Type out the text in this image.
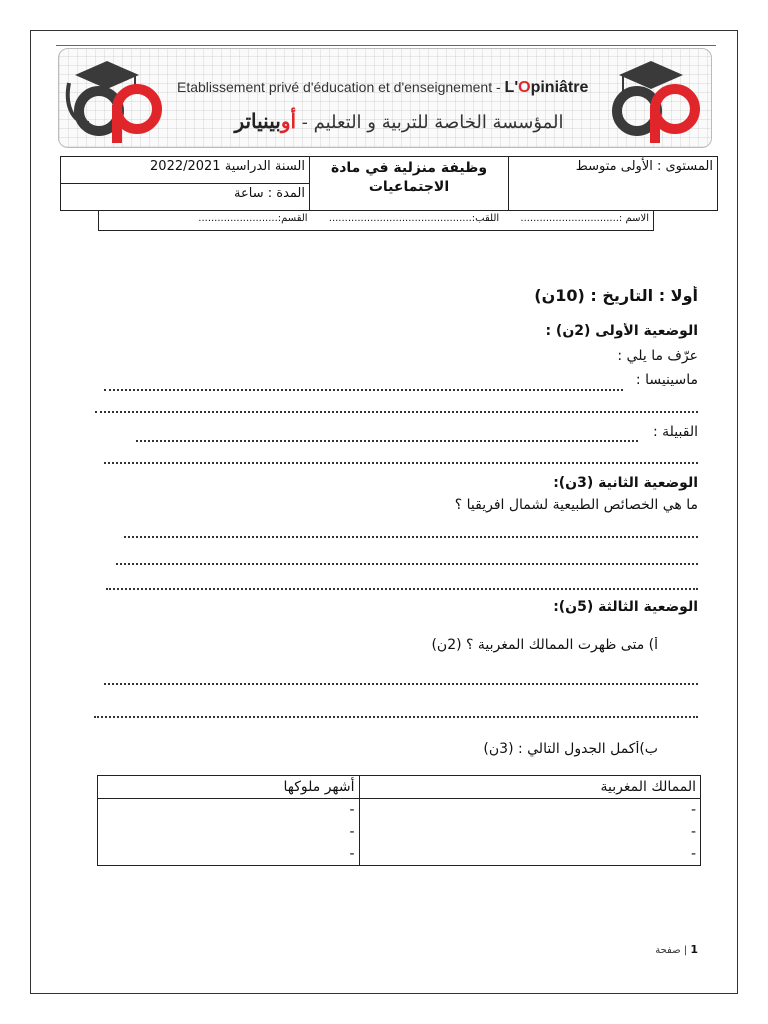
Etablissement privé d'éducation et d'enseignement - L'Opiniâtre
المؤسسة الخاصة للتربية و التعليم - أوبينياتر
المستوى : الأولى متوسط	
وظيفة منزلية في مادة
الاجتماعيات
	السنة الدراسية 2022/2021
المدة : ساعة
الاسم :............................... اللقب:............................................. القسم:.........................
أولا : التاريخ : (10ن)
الوضعية الأولى (2ن) :
عرّف ما يلي :
ماسينيسا :
القبيلة :
الوضعية الثانية (3ن):
ما هي الخصائص الطبيعية لشمال افريقيا ؟
الوضعية الثالثة (5ن):
أ) متى ظهرت الممالك المغربية ؟ (2ن)
ب)أكمل الجدول التالي : (3ن)
الممالك المغربية	أشهر ملوكها
-	-
-	-
-	-
1 | صفحة
